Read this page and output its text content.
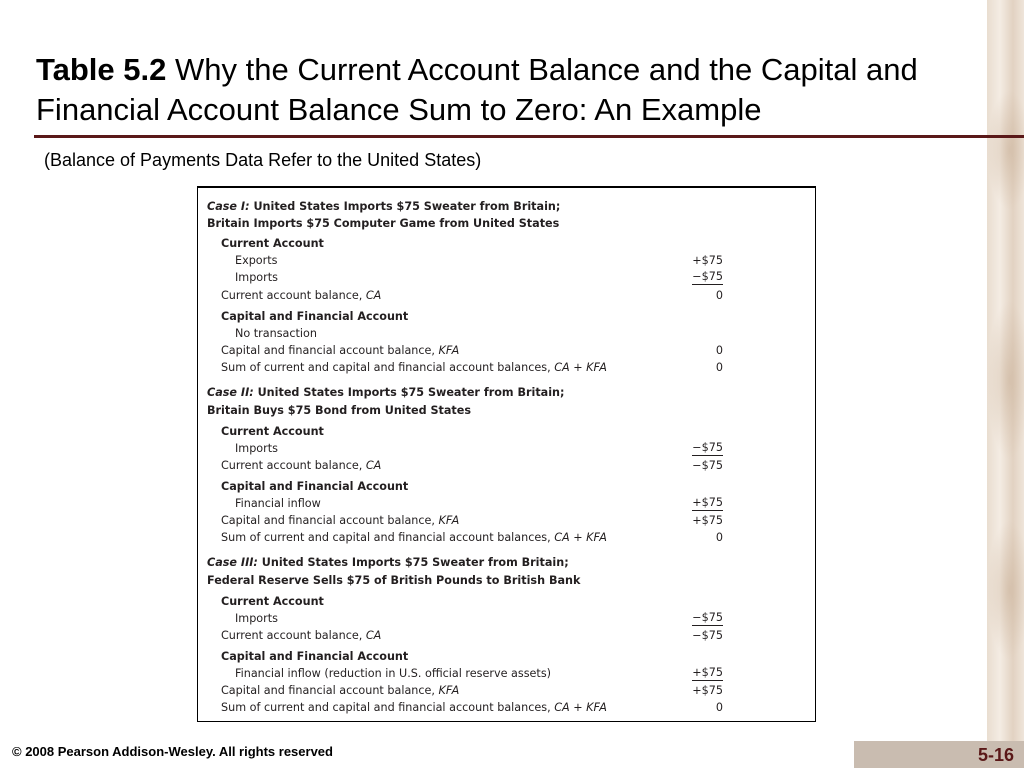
Table 5.2 Why the Current Account Balance and the Capital and Financial Account Balance Sum to Zero: An Example
(Balance of Payments Data Refer to the United States)
Case I: United States Imports $75 Sweater from Britain;
Britain Imports $75 Computer Game from United States
Current Account
Exports	+$75
Imports	−$75
Current account balance, CA	0
Capital and Financial Account
No transaction
Capital and financial account balance, KFA	0
Sum of current and capital and financial account balances, CA + KFA	0
Case II: United States Imports $75 Sweater from Britain;
Britain Buys $75 Bond from United States
Current Account
Imports	−$75
Current account balance, CA	−$75
Capital and Financial Account
Financial inflow	+$75
Capital and financial account balance, KFA	+$75
Sum of current and capital and financial account balances, CA + KFA	0
Case III: United States Imports $75 Sweater from Britain;
Federal Reserve Sells $75 of British Pounds to British Bank
Current Account
Imports	−$75
Current account balance, CA	−$75
Capital and Financial Account
Financial inflow (reduction in U.S. official reserve assets)	+$75
Capital and financial account balance, KFA	+$75
Sum of current and capital and financial account balances, CA + KFA	0
© 2008 Pearson Addison-Wesley. All rights reserved	5-16
